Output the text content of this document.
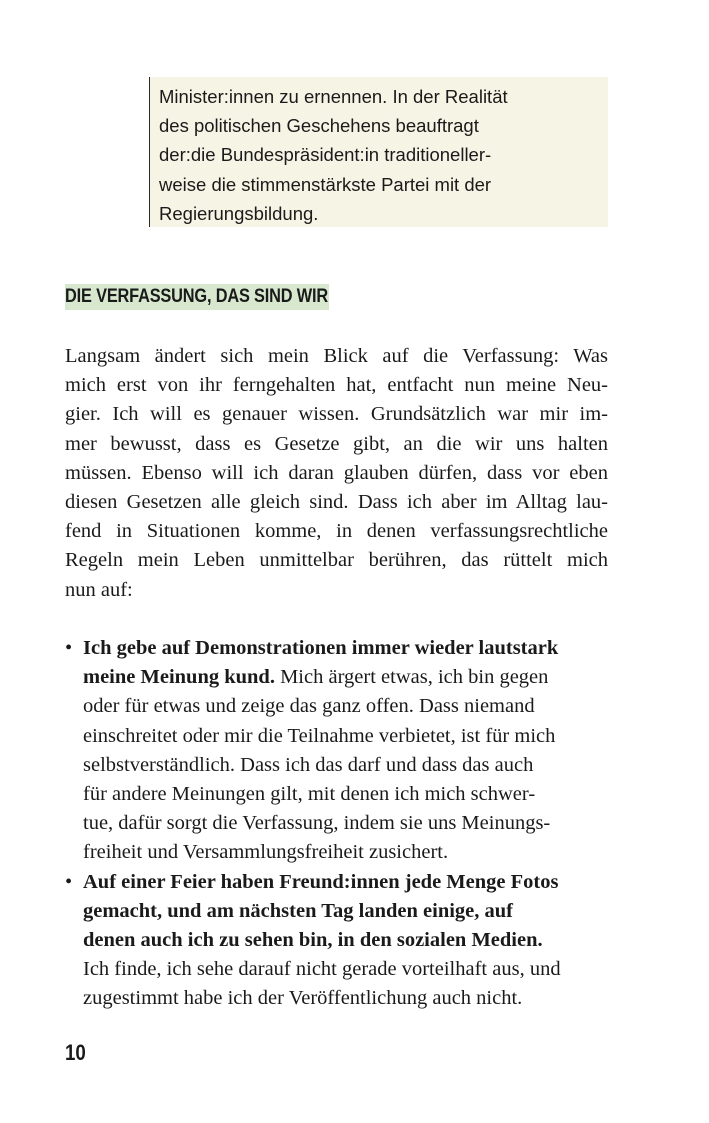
Minister:innen zu ernennen. In der Realität
des politischen Geschehens beauftragt
der:die Bundespräsident:in traditioneller-
weise die stimmenstärkste Partei mit der
Regierungsbildung.
DIE VERFASSUNG, DAS SIND WIR
Langsam ändert sich mein Blick auf die Verfassung: Was
mich erst von ihr ferngehalten hat, entfacht nun meine Neu-
gier. Ich will es genauer wissen. Grundsätzlich war mir im-
mer bewusst, dass es Gesetze gibt, an die wir uns halten
müssen. Ebenso will ich daran glauben dürfen, dass vor eben
diesen Gesetzen alle gleich sind. Dass ich aber im Alltag lau-
fend in Situationen komme, in denen verfassungsrechtliche
Regeln mein Leben unmittelbar berühren, das rüttelt mich
nun auf:
• Ich gebe auf Demonstrationen immer wieder lautstark
meine Meinung kund. Mich ärgert etwas, ich bin gegen
oder für etwas und zeige das ganz offen. Dass niemand
einschreitet oder mir die Teilnahme verbietet, ist für mich
selbstverständlich. Dass ich das darf und dass das auch
für andere Meinungen gilt, mit denen ich mich schwer-
tue, dafür sorgt die Verfassung, indem sie uns Meinungs-
freiheit und Versammlungsfreiheit zusichert.
• Auf einer Feier haben Freund:innen jede Menge Fotos
gemacht, und am nächsten Tag landen einige, auf
denen auch ich zu sehen bin, in den sozialen Medien.
Ich finde, ich sehe darauf nicht gerade vorteilhaft aus, und
zugestimmt habe ich der Veröffentlichung auch nicht.
10
